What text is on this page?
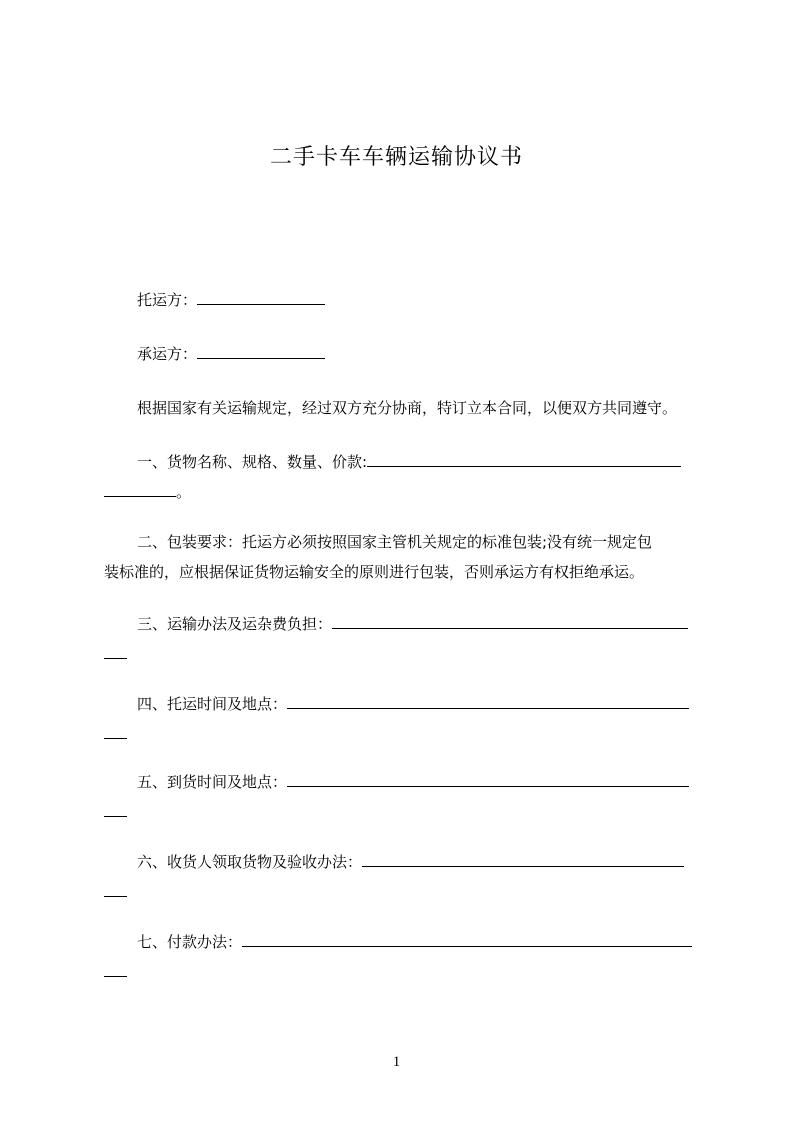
二手卡车车辆运输协议书
托运方：
承运方：
根据国家有关运输规定，经过双方充分协商，特订立本合同，以便双方共同遵守。
一、货物名称、规格、数量、价款:
。
二、包装要求：托运方必须按照国家主管机关规定的标准包装;没有统一规定包
装标准的，应根据保证货物运输安全的原则进行包装，否则承运方有权拒绝承运。
三、运输办法及运杂费负担：
四、托运时间及地点：
五、到货时间及地点：
六、收货人领取货物及验收办法：
七、付款办法：
1
